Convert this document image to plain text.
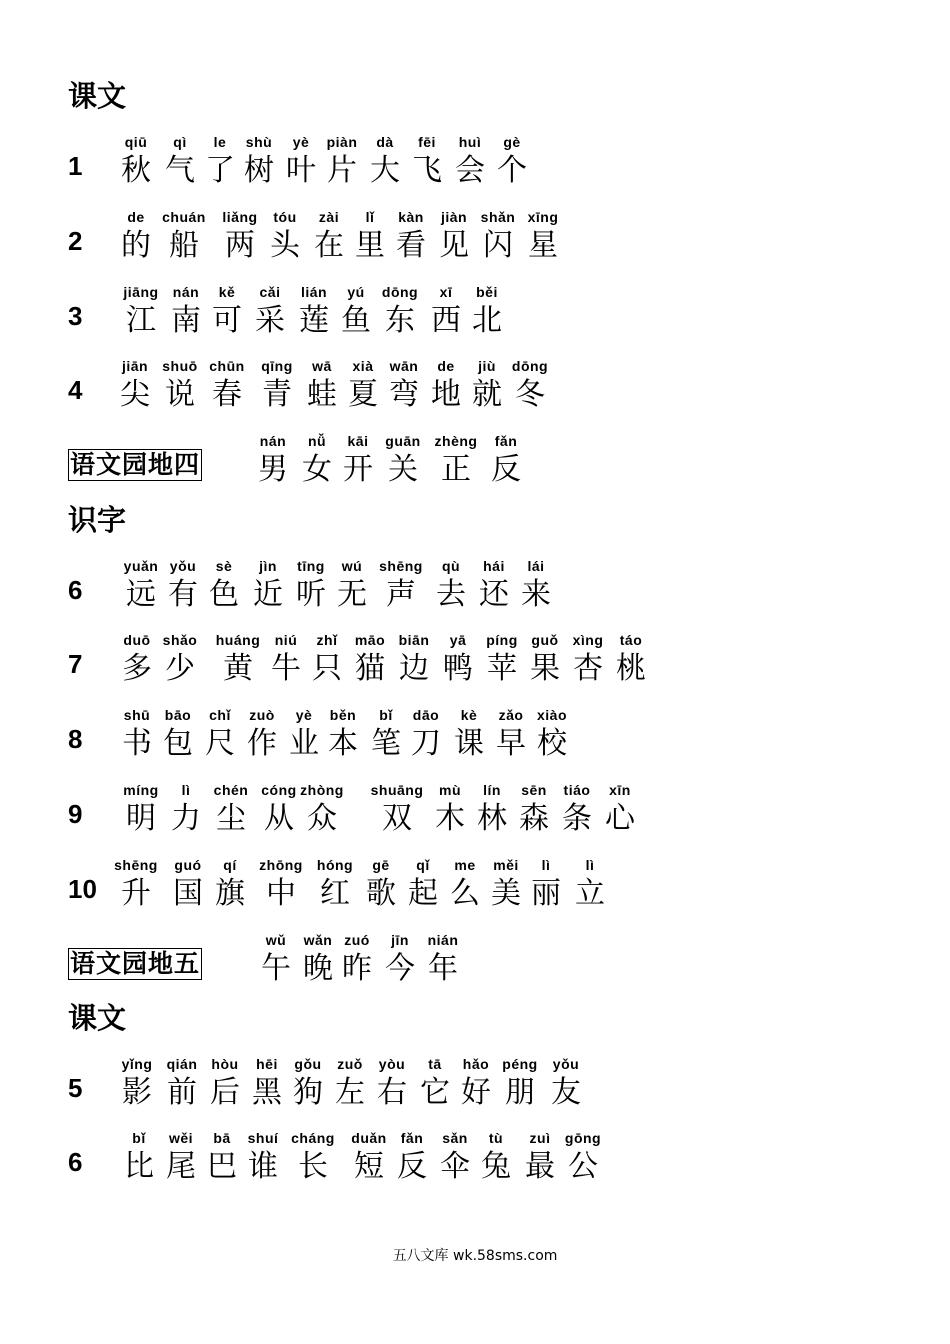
课文
1
qiū
秋
qì
气
le
了
shù
树
yè
叶
piàn
片
dà
大
fēi
飞
huì
会
gè
个
2
de
的
chuán
船
liǎng
两
tóu
头
zài
在
lǐ
里
kàn
看
jiàn
见
shǎn
闪
xīng
星
3
jiāng
江
nán
南
kě
可
cǎi
采
lián
莲
yú
鱼
dōng
东
xī
西
běi
北
4
jiān
尖
shuō
说
chūn
春
qīng
青
wā
蛙
xià
夏
wān
弯
de
地
jiù
就
dōng
冬
语文园地四
nán
男
nǚ
女
kāi
开
guān
关
zhèng
正
fǎn
反
识字
6
yuǎn
远
yǒu
有
sè
色
jìn
近
tīng
听
wú
无
shēng
声
qù
去
hái
还
lái
来
7
duō
多
shǎo
少
huáng
黄
niú
牛
zhǐ
只
māo
猫
biān
边
yā
鸭
píng
苹
guǒ
果
xìng
杏
táo
桃
8
shū
书
bāo
包
chǐ
尺
zuò
作
yè
业
běn
本
bǐ
笔
dāo
刀
kè
课
zǎo
早
xiào
校
9
míng
明
lì
力
chén
尘
cóng
从
zhòng
众
shuāng
双
mù
木
lín
林
sēn
森
tiáo
条
xīn
心
10
shēng
升
guó
国
qí
旗
zhōng
中
hóng
红
gē
歌
qǐ
起
me
么
měi
美
lì
丽
lì
立
语文园地五
wǔ
午
wǎn
晚
zuó
昨
jīn
今
nián
年
课文
5
yǐng
影
qián
前
hòu
后
hēi
黑
gǒu
狗
zuǒ
左
yòu
右
tā
它
hǎo
好
péng
朋
yǒu
友
6
bǐ
比
wěi
尾
bā
巴
shuí
谁
cháng
长
duǎn
短
fǎn
反
sǎn
伞
tù
兔
zuì
最
gōng
公
五八文库 wk.58sms.com
